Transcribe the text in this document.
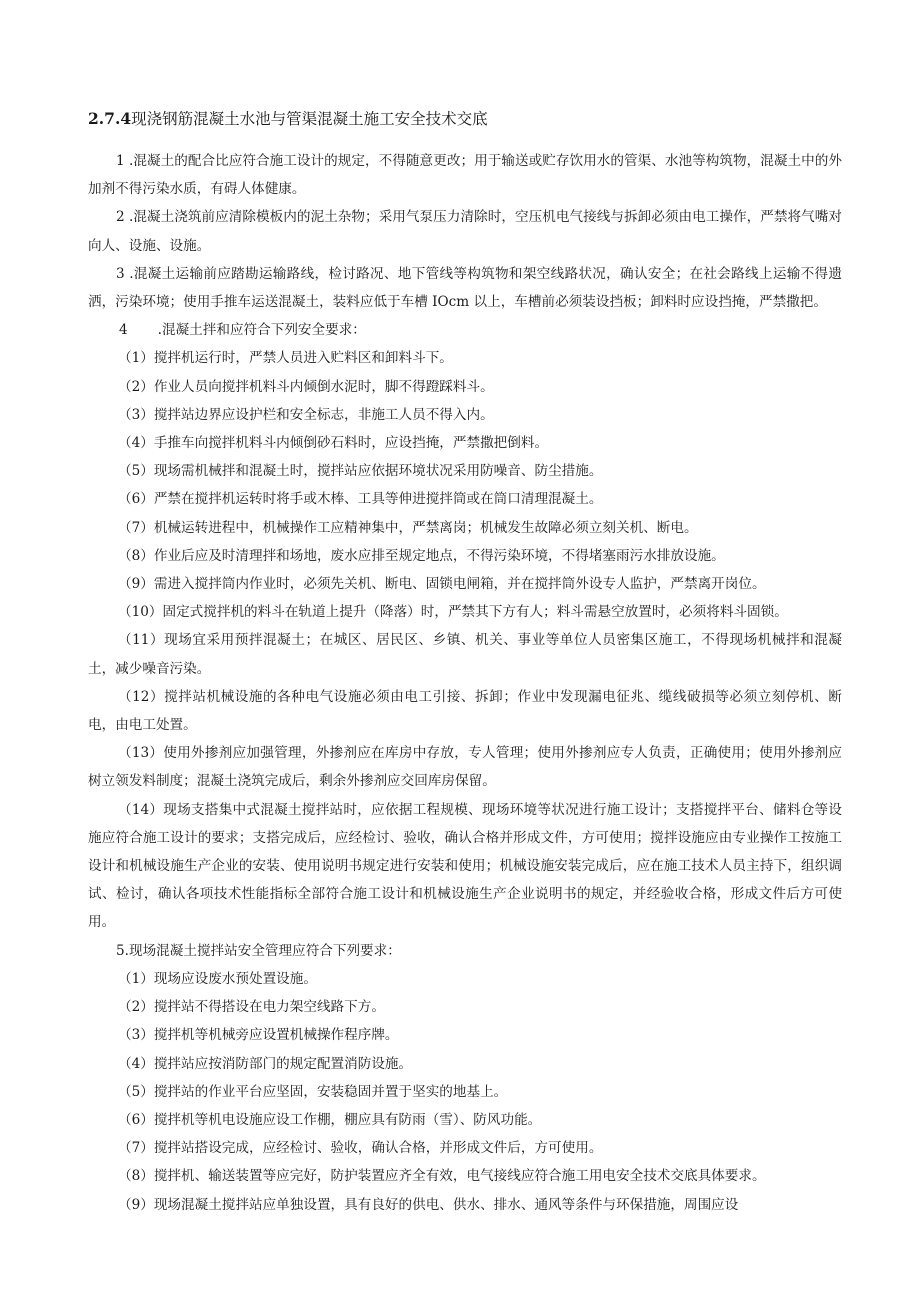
2.7.4现浇钢筋混凝土水池与管渠混凝土施工安全技术交底

1 .混凝土的配合比应符合施工设计的规定，不得随意更改；用于输送或贮存饮用水的管渠、水池等构筑物，混凝土中的外加剂不得污染水质，有碍人体健康。

2 .混凝土浇筑前应清除模板内的泥土杂物；采用气泵压力清除时，空压机电气接线与拆卸必须由电工操作，严禁将气嘴对向人、设施、设施。

3 .混凝土运输前应踏勘运输路线，检讨路况、地下管线等构筑物和架空线路状况，确认安全；在社会路线上运输不得遗洒，污染环境；使用手推车运送混凝土，装料应低于车槽 IOcm 以上，车槽前必须装设挡板；卸料时应设挡掩，严禁撒把。

4 .混凝土拌和应符合下列安全要求：

（1）搅拌机运行时，严禁人员进入贮料区和卸料斗下。

（2）作业人员向搅拌机料斗内倾倒水泥时，脚不得蹬踩料斗。

（3）搅拌站边界应设护栏和安全标志，非施工人员不得入内。

（4）手推车向搅拌机料斗内倾倒砂石料时，应设挡掩，严禁撒把倒料。

（5）现场需机械拌和混凝土时，搅拌站应依据环境状况采用防噪音、防尘措施。

（6）严禁在搅拌机运转时将手或木棒、工具等伸进搅拌筒或在筒口清理混凝土。

（7）机械运转进程中，机械操作工应精神集中，严禁离岗；机械发生故障必须立刻关机、断电。

（8）作业后应及时清理拌和场地，废水应排至规定地点，不得污染环境，不得堵塞雨污水排放设施。

（9）需进入搅拌筒内作业时，必须先关机、断电、固锁电闸箱，并在搅拌筒外设专人监护，严禁离开岗位。

（10）固定式搅拌机的料斗在轨道上提升（降落）时，严禁其下方有人；料斗需悬空放置时，必须将料斗固锁。

（11）现场宜采用预拌混凝土；在城区、居民区、乡镇、机关、事业等单位人员密集区施工，不得现场机械拌和混凝土，减少噪音污染。

（12）搅拌站机械设施的各种电气设施必须由电工引接、拆卸；作业中发现漏电征兆、缆线破损等必须立刻停机、断电，由电工处置。

（13）使用外掺剂应加强管理，外掺剂应在库房中存放，专人管理；使用外掺剂应专人负责，正确使用；使用外掺剂应树立领发料制度；混凝土浇筑完成后，剩余外掺剂应交回库房保留。

（14）现场支搭集中式混凝土搅拌站时，应依据工程规模、现场环境等状况进行施工设计；支搭搅拌平台、储料仓等设施应符合施工设计的要求；支搭完成后，应经检讨、验收，确认合格并形成文件，方可使用；搅拌设施应由专业操作工按施工设计和机械设施生产企业的安装、使用说明书规定进行安装和使用；机械设施安装完成后，应在施工技术人员主持下，组织调试、检讨，确认各项技术性能指标全部符合施工设计和机械设施生产企业说明书的规定，并经验收合格，形成文件后方可使用。

5.现场混凝土搅拌站安全管理应符合下列要求：

（1）现场应设废水预处置设施。

（2）搅拌站不得搭设在电力架空线路下方。

（3）搅拌机等机械旁应设置机械操作程序牌。

（4）搅拌站应按消防部门的规定配置消防设施。

（5）搅拌站的作业平台应坚固，安装稳固并置于坚实的地基上。

（6）搅拌机等机电设施应设工作棚，棚应具有防雨（雪）、防风功能。

（7）搅拌站搭设完成，应经检讨、验收，确认合格，并形成文件后，方可使用。

（8）搅拌机、输送装置等应完好，防护装置应齐全有效，电气接线应符合施工用电安全技术交底具体要求。

（9）现场混凝土搅拌站应单独设置，具有良好的供电、供水、排水、通风等条件与环保措施，周围应设
